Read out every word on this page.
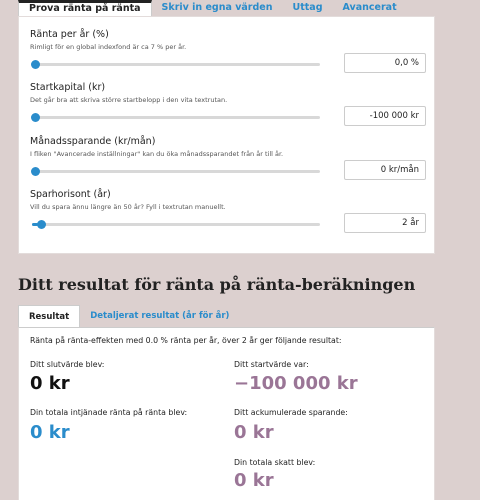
Prova ränta på ränta	Skriv in egna värden	Uttag	Avancerat
Ränta per år (%)
Rimligt för en global indexfond är ca 7 % per år.
0,0 %
Startkapital (kr)
Det går bra att skriva större startbelopp i den vita textrutan.
-100 000 kr
Månadssparande (kr/mån)
I fliken "Avancerade inställningar" kan du öka månadssparandet från år till år.
0 kr/mån
Sparhorisont (år)
Vill du spara ännu längre än 50 år? Fyll i textrutan manuellt.
2 år
Ditt resultat för ränta på ränta-beräkningen
Resultat	Detaljerat resultat (år för år)
Ränta på ränta-effekten med 0.0 % ränta per år, över 2 år ger följande resultat:
Ditt slutvärde blev:
0 kr
Ditt startvärde var:
−100 000 kr
Din totala intjänade ränta på ränta blev:
0 kr
Ditt ackumulerade sparande:
0 kr
Din totala skatt blev:
0 kr
